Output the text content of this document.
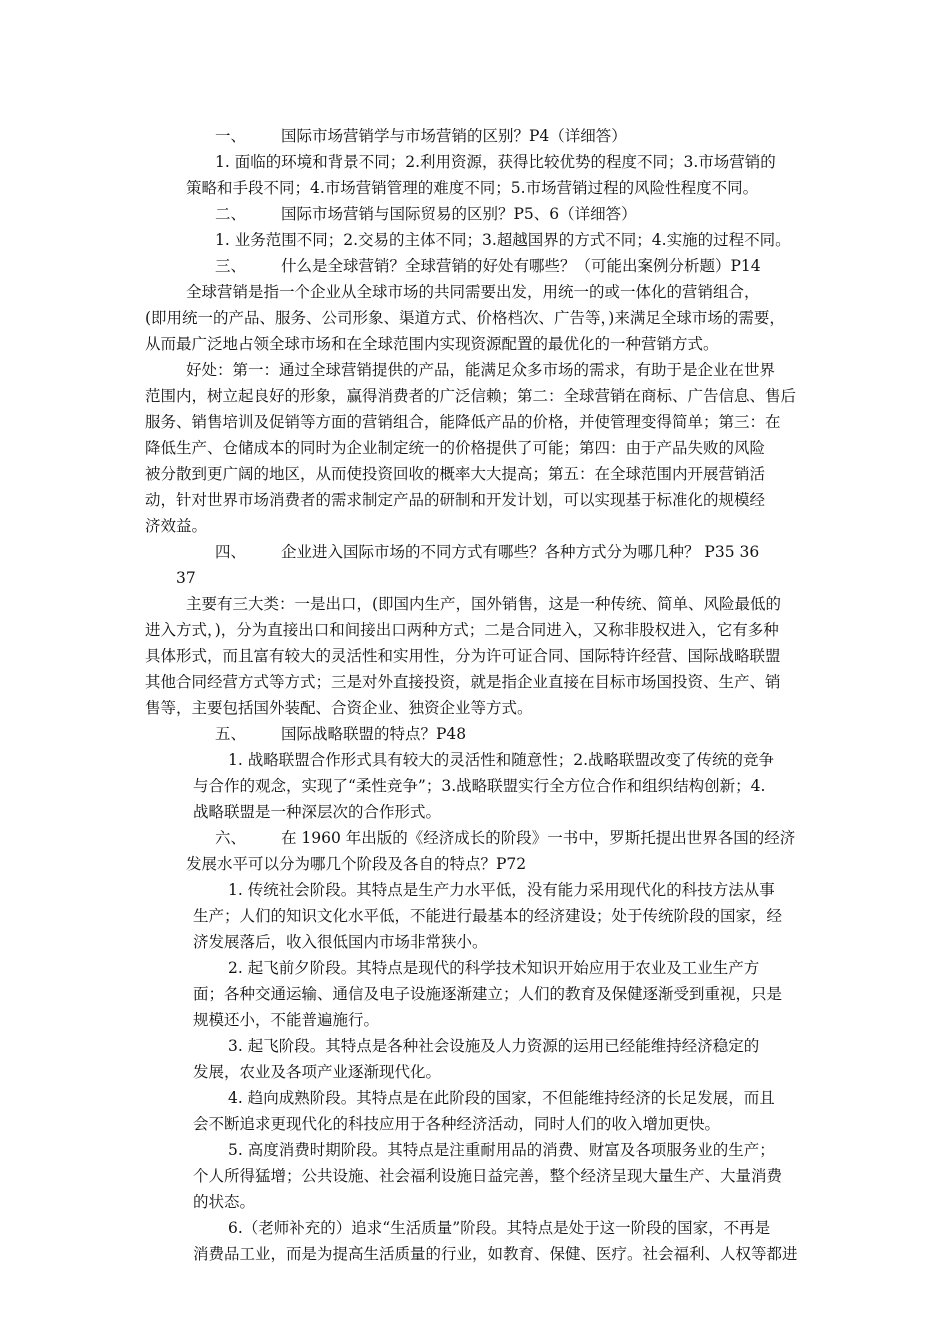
一、 国际市场营销学与市场营销的区别？P4（详细答）
1. 面临的环境和背景不同；2.利用资源，获得比较优势的程度不同；3.市场营销的
策略和手段不同；4.市场营销管理的难度不同；5.市场营销过程的风险性程度不同。
二、 国际市场营销与国际贸易的区别？P5、6（详细答）
1. 业务范围不同；2.交易的主体不同；3.超越国界的方式不同；4.实施的过程不同。
三、 什么是全球营销？全球营销的好处有哪些？（可能出案例分析题）P14
全球营销是指一个企业从全球市场的共同需要出发，用统一的或一体化的营销组合，
(即用统一的产品、服务、公司形象、渠道方式、价格档次、广告等，)来满足全球市场的需要，
从而最广泛地占领全球市场和在全球范围内实现资源配置的最优化的一种营销方式。
好处：第一：通过全球营销提供的产品，能满足众多市场的需求，有助于是企业在世界
范围内，树立起良好的形象，赢得消费者的广泛信赖；第二：全球营销在商标、广告信息、售后
服务、销售培训及促销等方面的营销组合，能降低产品的价格，并使管理变得简单；第三：在
降低生产、仓储成本的同时为企业制定统一的价格提供了可能；第四：由于产品失败的风险
被分散到更广阔的地区，从而使投资回收的概率大大提高；第五：在全球范围内开展营销活
动，针对世界市场消费者的需求制定产品的研制和开发计划，可以实现基于标准化的规模经
济效益。
四、 企业进入国际市场的不同方式有哪些？各种方式分为哪几种？ P35 36
37
主要有三大类：一是出口，(即国内生产，国外销售，这是一种传统、简单、风险最低的
进入方式，)，分为直接出口和间接出口两种方式；二是合同进入，又称非股权进入，它有多种
具体形式，而且富有较大的灵活性和实用性，分为许可证合同、国际特许经营、国际战略联盟
其他合同经营方式等方式；三是对外直接投资，就是指企业直接在目标市场国投资、生产、销
售等，主要包括国外装配、合资企业、独资企业等方式。
五、 国际战略联盟的特点？P48
1. 战略联盟合作形式具有较大的灵活性和随意性；2.战略联盟改变了传统的竞争
与合作的观念，实现了“柔性竞争”；3.战略联盟实行全方位合作和组织结构创新；4.
战略联盟是一种深层次的合作形式。
六、 在 1960 年出版的《经济成长的阶段》一书中，罗斯托提出世界各国的经济
发展水平可以分为哪几个阶段及各自的特点？P72
1. 传统社会阶段。其特点是生产力水平低，没有能力采用现代化的科技方法从事
生产；人们的知识文化水平低，不能进行最基本的经济建设；处于传统阶段的国家，经
济发展落后，收入很低国内市场非常狭小。
2. 起飞前夕阶段。其特点是现代的科学技术知识开始应用于农业及工业生产方
面；各种交通运输、通信及电子设施逐渐建立；人们的教育及保健逐渐受到重视，只是
规模还小，不能普遍施行。
3. 起飞阶段。其特点是各种社会设施及人力资源的运用已经能维持经济稳定的
发展，农业及各项产业逐渐现代化。
4. 趋向成熟阶段。其特点是在此阶段的国家，不但能维持经济的长足发展，而且
会不断追求更现代化的科技应用于各种经济活动，同时人们的收入增加更快。
5. 高度消费时期阶段。其特点是注重耐用品的消费、财富及各项服务业的生产；
个人所得猛增；公共设施、社会福利设施日益完善，整个经济呈现大量生产、大量消费
的状态。
6.（老师补充的）追求“生活质量”阶段。其特点是处于这一阶段的国家，不再是
消费品工业，而是为提高生活质量的行业，如教育、保健、医疗。社会福利、人权等都进
